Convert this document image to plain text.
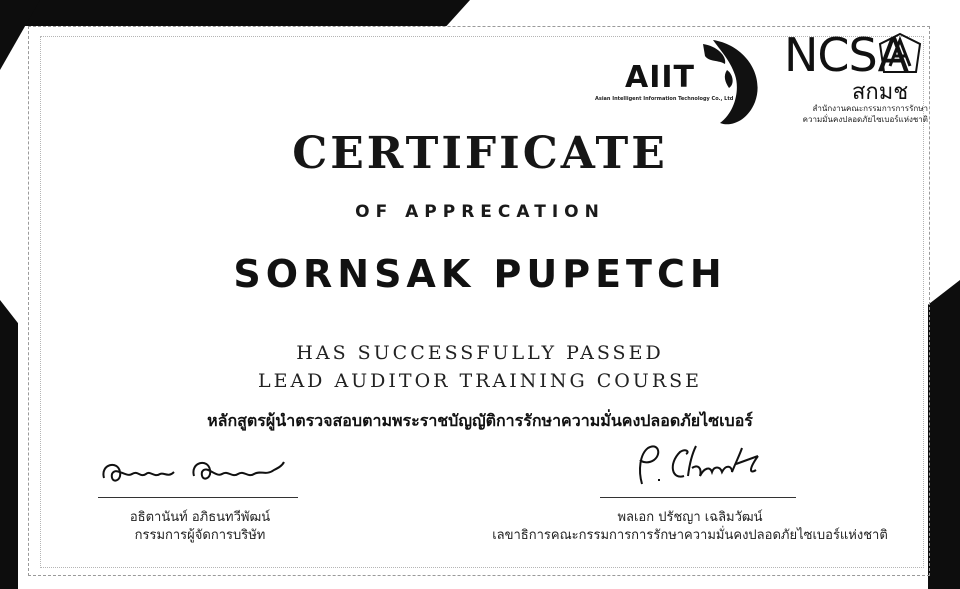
AIIT
Asian Intelligent Information Technology Co., Ltd
NCSA
สกมช
สำนักงานคณะกรรมการการรักษา
ความมั่นคงปลอดภัยไซเบอร์แห่งชาติ
CERTIFICATE
OF APPRECATION
SORNSAK PUPETCH
HAS SUCCESSFULLY PASSED
LEAD AUDITOR TRAINING COURSE
หลักสูตรผู้นำตรวจสอบตามพระราชบัญญัติการรักษาความมั่นคงปลอดภัยไซเบอร์
อธิตานันท์ อภิธนทวีพัฒน์
กรรมการผู้จัดการบริษัท
พลเอก ปรัชญา เฉลิมวัฒน์
เลขาธิการคณะกรรมการการรักษาความมั่นคงปลอดภัยไซเบอร์แห่งชาติ
